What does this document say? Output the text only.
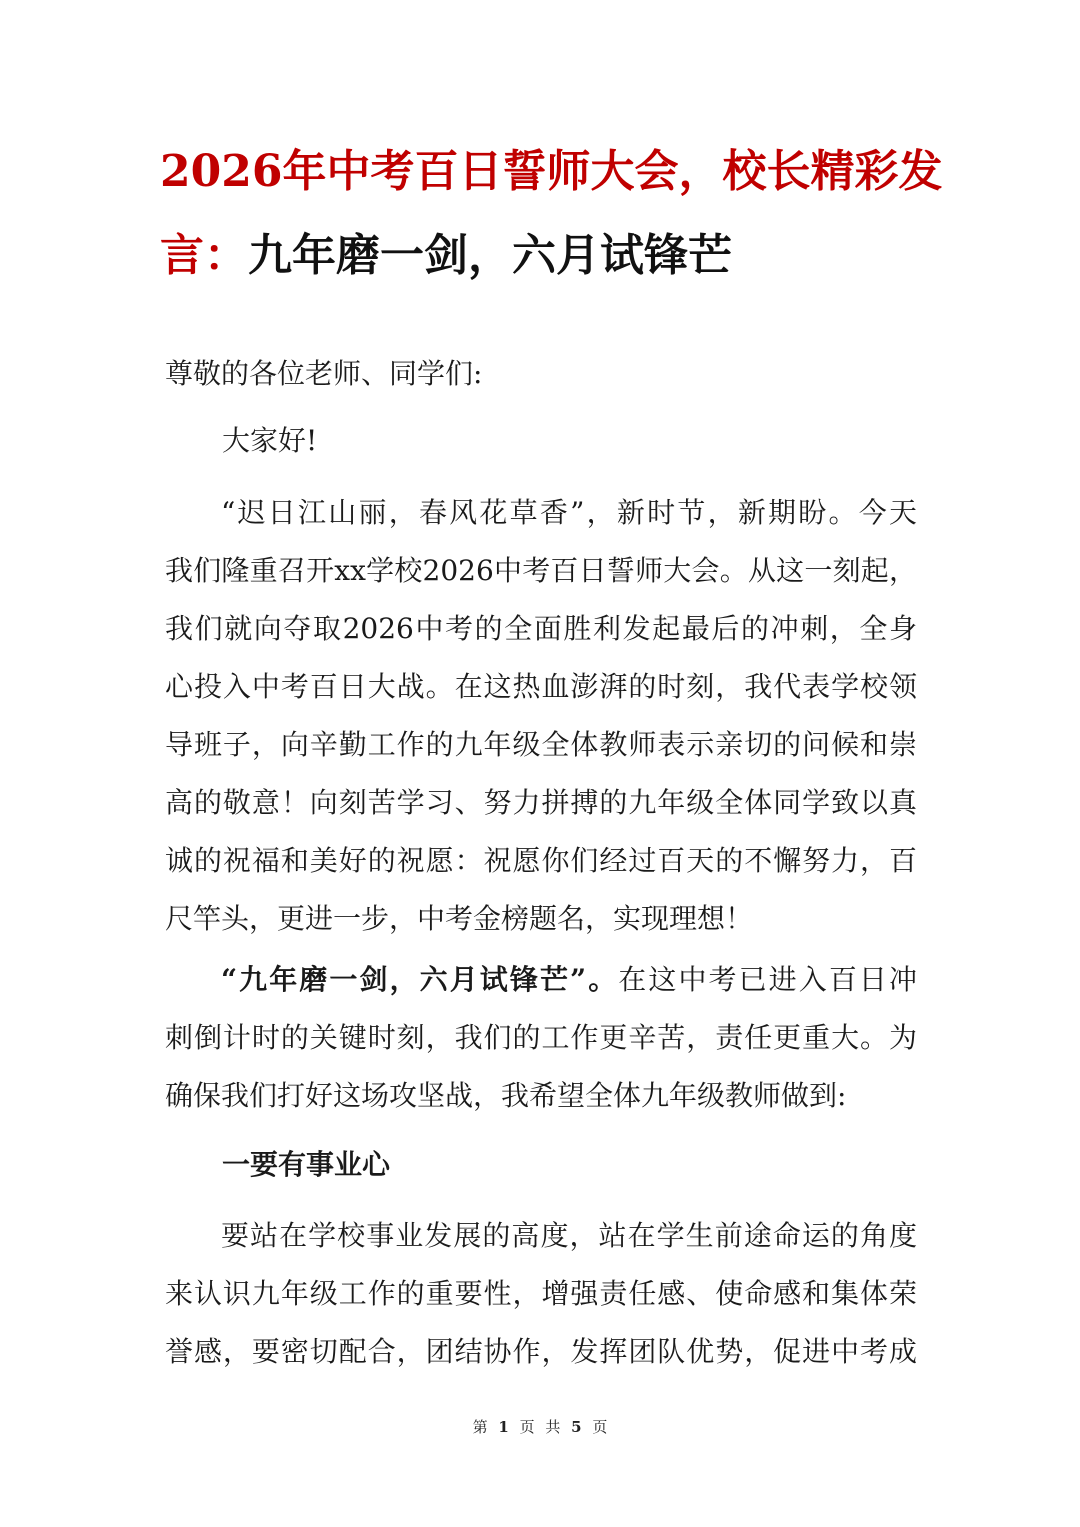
2026年中考百日誓师大会，校长精彩发
言：九年磨一剑，六月试锋芒
尊敬的各位老师、同学们:
大家好!
“迟日江山丽，春风花草香”，新时节，新期盼。今天
我们隆重召开xx学校2026中考百日誓师大会。从这一刻起，
我们就向夺取2026中考的全面胜利发起最后的冲刺，全身
心投入中考百日大战。在这热血澎湃的时刻，我代表学校领
导班子，向辛勤工作的九年级全体教师表示亲切的问候和崇
高的敬意！向刻苦学习、努力拼搏的九年级全体同学致以真
诚的祝福和美好的祝愿：祝愿你们经过百天的不懈努力，百
尺竿头，更进一步，中考金榜题名，实现理想！
“九年磨一剑，六月试锋芒”。在这中考已进入百日冲
刺倒计时的关键时刻，我们的工作更辛苦，责任更重大。为
确保我们打好这场攻坚战，我希望全体九年级教师做到:
一要有事业心
要站在学校事业发展的高度，站在学生前途命运的角度
来认识九年级工作的重要性，增强责任感、使命感和集体荣
誉感，要密切配合，团结协作，发挥团队优势，促进中考成
第 1 页 共 5 页
